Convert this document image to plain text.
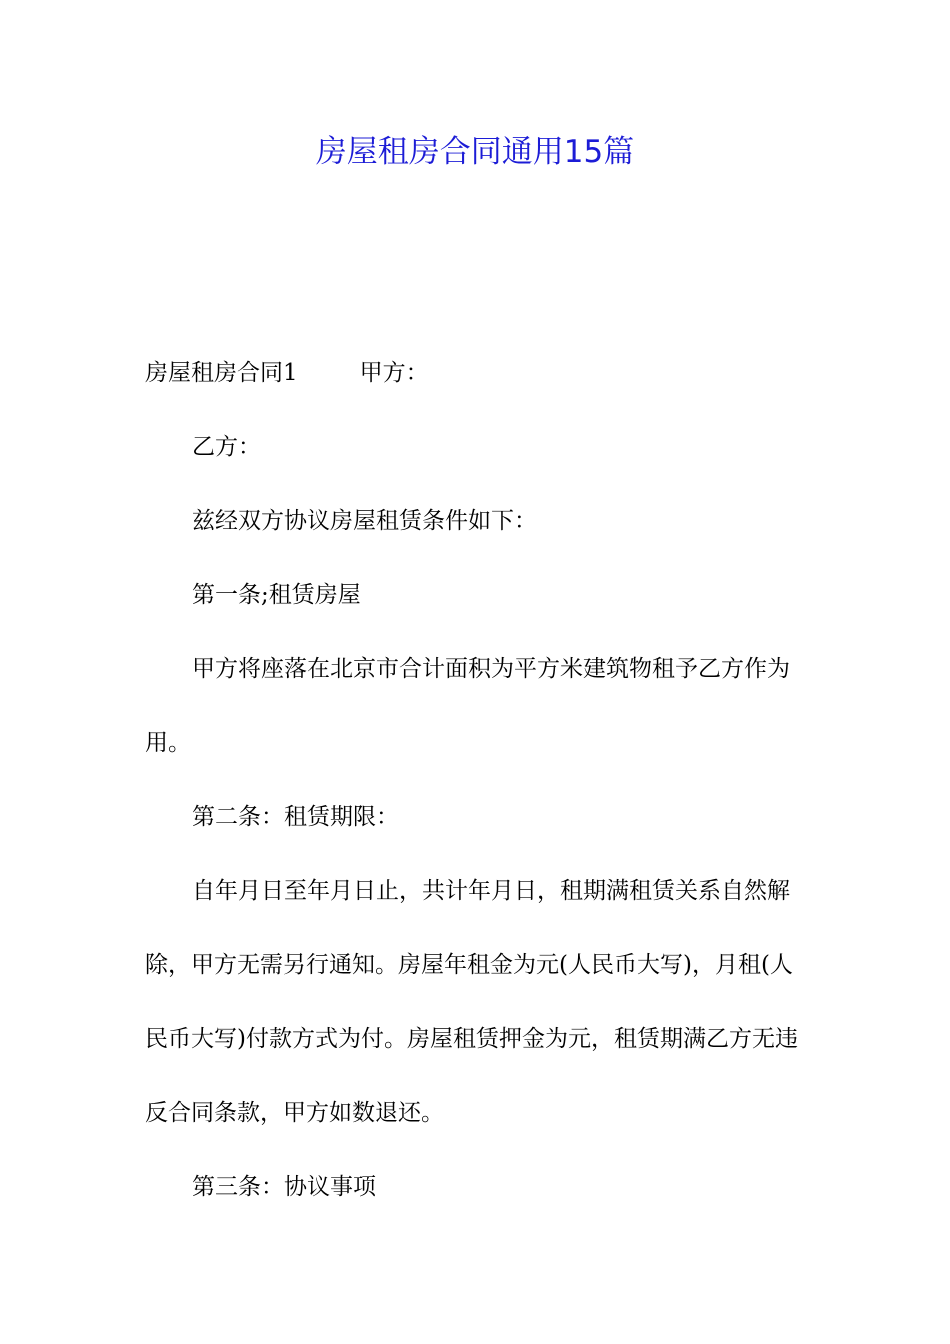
房屋租房合同通用15篇

房屋租房合同1	甲方：

乙方：

兹经双方协议房屋租赁条件如下：

第一条;租赁房屋

甲方将座落在北京市合计面积为平方米建筑物租予乙方作为用。

第二条：租赁期限：

自年月日至年月日止，共计年月日，租期满租赁关系自然解除，甲方无需另行通知。房屋年租金为元(人民币大写)，月租(人民币大写)付款方式为付。房屋租赁押金为元，租赁期满乙方无违反合同条款，甲方如数退还。

第三条：协议事项
